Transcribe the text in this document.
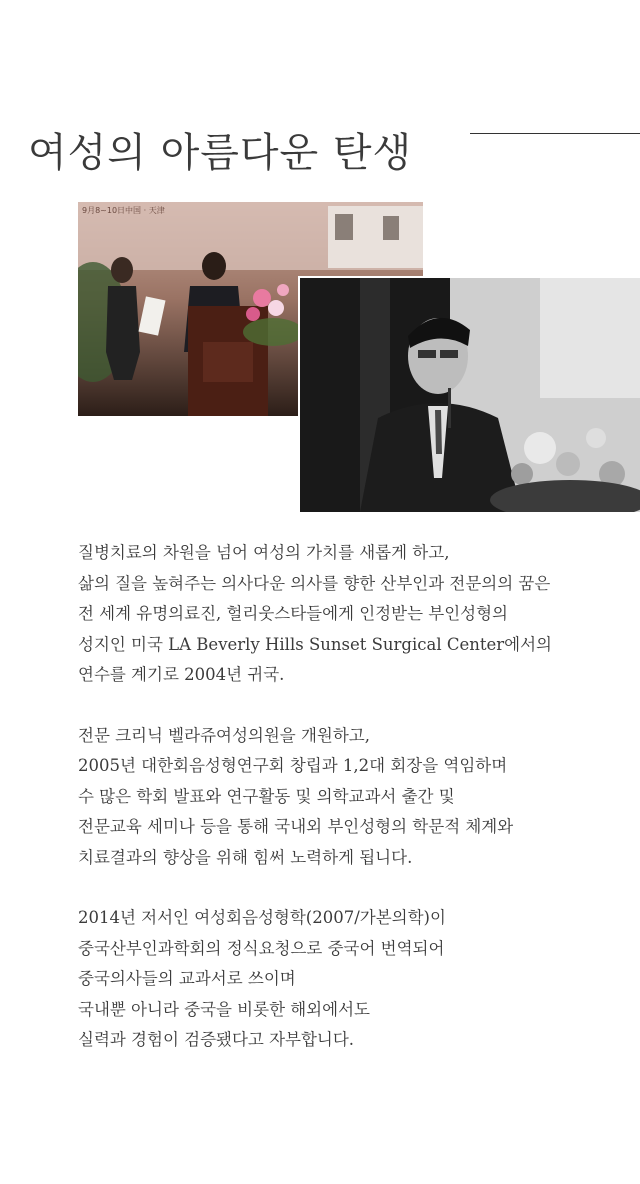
여성의 아름다운 탄생
9月8~10日中国 · 天津

질병치료의 차원을 넘어 여성의 가치를 새롭게 하고,
삶의 질을 높혀주는 의사다운 의사를 향한 산부인과 전문의의 꿈은
전 세계 유명의료진, 헐리웃스타들에게 인정받는 부인성형의
성지인 미국 LA Beverly Hills Sunset Surgical Center에서의
연수를 계기로 2004년 귀국.

전문 크리닉 벨라쥬여성의원을 개원하고,
2005년 대한회음성형연구회 창립과 1,2대 회장을 역임하며
수 많은 학회 발표와 연구활동 및 의학교과서 출간 및
전문교육 세미나 등을 통해 국내외 부인성형의 학문적 체계와
치료결과의 향상을 위해 힘써 노력하게 됩니다.

2014년 저서인 여성회음성형학(2007/가본의학)이
중국산부인과학회의 정식요청으로 중국어 번역되어
중국의사들의 교과서로 쓰이며
국내뿐 아니라 중국을 비롯한 해외에서도
실력과 경험이 검증됐다고 자부합니다.
